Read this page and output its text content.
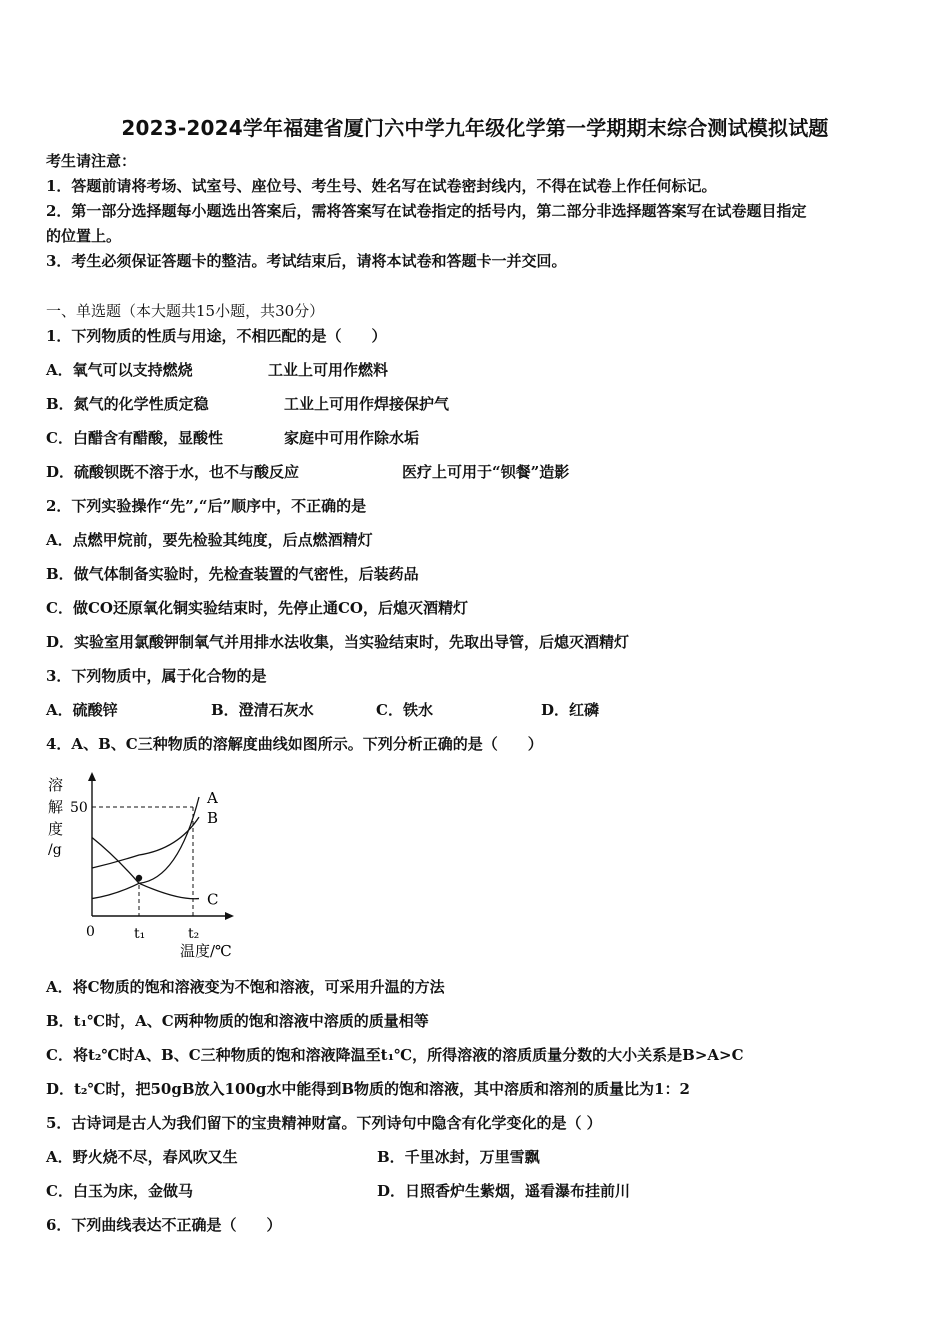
2023-2024学年福建省厦门六中学九年级化学第一学期期末综合测试模拟试题
考生请注意：
1．答题前请将考场、试室号、座位号、考生号、姓名写在试卷密封线内，不得在试卷上作任何标记。
2．第一部分选择题每小题选出答案后，需将答案写在试卷指定的括号内，第二部分非选择题答案写在试卷题目指定
的位置上。
3．考生必须保证答题卡的整洁。考试结束后，请将本试卷和答题卡一并交回。
一、单选题（本大题共15小题，共30分）
1．下列物质的性质与用途，不相匹配的是（　　）
A．氧气可以支持燃烧	工业上可用作燃料
B．氮气的化学性质定稳	工业上可用作焊接保护气
C．白醋含有醋酸，显酸性	家庭中可用作除水垢
D．硫酸钡既不溶于水，也不与酸反应	医疗上可用于“钡餐”造影
2．下列实验操作“先”,“后”顺序中，不正确的是
A．点燃甲烷前，要先检验其纯度，后点燃酒精灯
B．做气体制备实验时，先检查装置的气密性，后装药品
C．做CO还原氧化铜实验结束时，先停止通CO，后熄灭酒精灯
D．实验室用氯酸钾制氧气并用排水法收集，当实验结束时，先取出导管，后熄灭酒精灯
3．下列物质中，属于化合物的是
A．硫酸锌	B．澄清石灰水	C．铁水	D．红磷
4．A、B、C三种物质的溶解度曲线如图所示。下列分析正确的是（　　）
溶
解
度
/g
50
0	t₁	t₂
温度/℃
A
B
C
A．将C物质的饱和溶液变为不饱和溶液，可采用升温的方法
B．t₁℃时，A、C两种物质的饱和溶液中溶质的质量相等
C．将t₂℃时A、B、C三种物质的饱和溶液降温至t₁℃，所得溶液的溶质质量分数的大小关系是B>A>C
D．t₂℃时，把50gB放入100g水中能得到B物质的饱和溶液，其中溶质和溶剂的质量比为1：2
5．古诗词是古人为我们留下的宝贵精神财富。下列诗句中隐含有化学变化的是（ ）
A．野火烧不尽，春风吹又生	B．千里冰封，万里雪飘
C．白玉为床，金做马	D．日照香炉生紫烟，遥看瀑布挂前川
6．下列曲线表达不正确是（　　）
